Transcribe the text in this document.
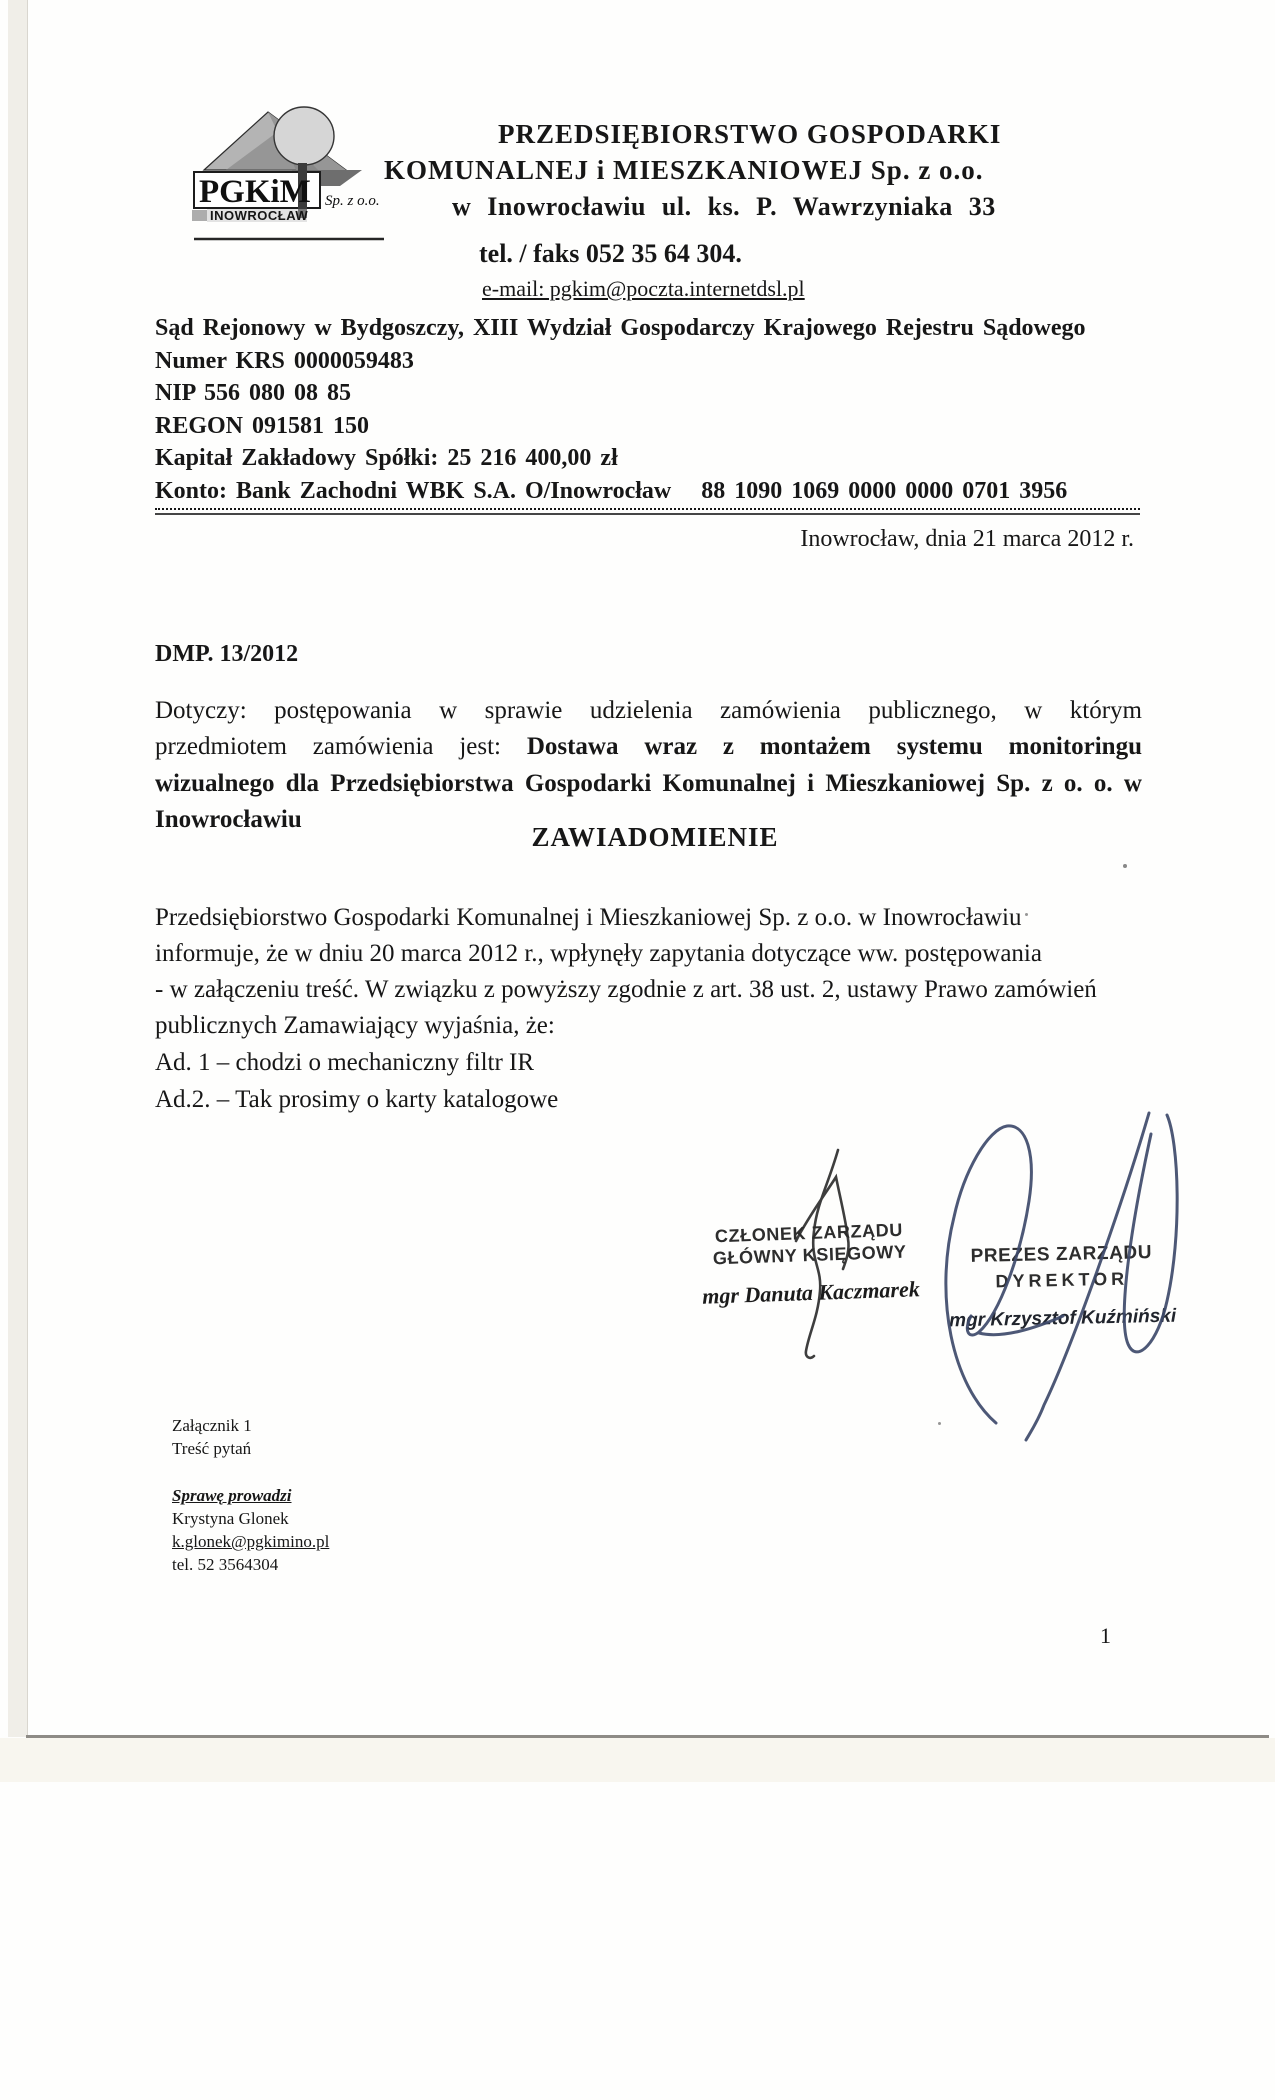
PGKiM
INOWROCŁAW
Sp. z o.o.
PRZEDSIĘBIORSTWO GOSPODARKI
KOMUNALNEJ i MIESZKANIOWEJ Sp. z o.o.
w Inowrocławiu ul. ks. P. Wawrzyniaka 33
tel. / faks 052 35 64 304.
e-mail: pgkim@poczta.internetdsl.pl
Sąd Rejonowy w Bydgoszczy, XIII Wydział Gospodarczy Krajowego Rejestru Sądowego
Numer KRS 0000059483
NIP 556 080 08 85
REGON 091581 150
Kapitał Zakładowy Spółki: 25 216 400,00 zł
Konto: Bank Zachodni WBK S.A. O/Inowrocław 88 1090 1069 0000 0000 0701 3956
Inowrocław, dnia 21 marca 2012 r.
DMP. 13/2012
Dotyczy: postępowania w sprawie udzielenia zamówienia publicznego, w którym
przedmiotem zamówienia jest: Dostawa wraz z montażem systemu monitoringu
wizualnego dla Przedsiębiorstwa Gospodarki Komunalnej i Mieszkaniowej Sp. z o. o. w
Inowrocławiu
ZAWIADOMIENIE
Przedsiębiorstwo Gospodarki Komunalnej i Mieszkaniowej Sp. z o.o. w Inowrocławiu
informuje, że w dniu 20 marca 2012 r., wpłynęły zapytania dotyczące ww. postępowania
- w załączeniu treść. W związku z powyższy zgodnie z art. 38 ust. 2, ustawy Prawo zamówień
publicznych Zamawiający wyjaśnia, że:
Ad. 1 – chodzi o mechaniczny filtr IR
Ad.2. – Tak prosimy o karty katalogowe
CZŁONEK ZARZĄDU
GŁÓWNY KSIĘGOWY
mgr Danuta Kaczmarek
PREZES ZARZĄDU
DYREKTOR
mgr Krzysztof Kuźmiński
Załącznik 1
Treść pytań
Sprawę prowadzi
Krystyna Glonek
k.glonek@pgkimino.pl
tel. 52 3564304
1
